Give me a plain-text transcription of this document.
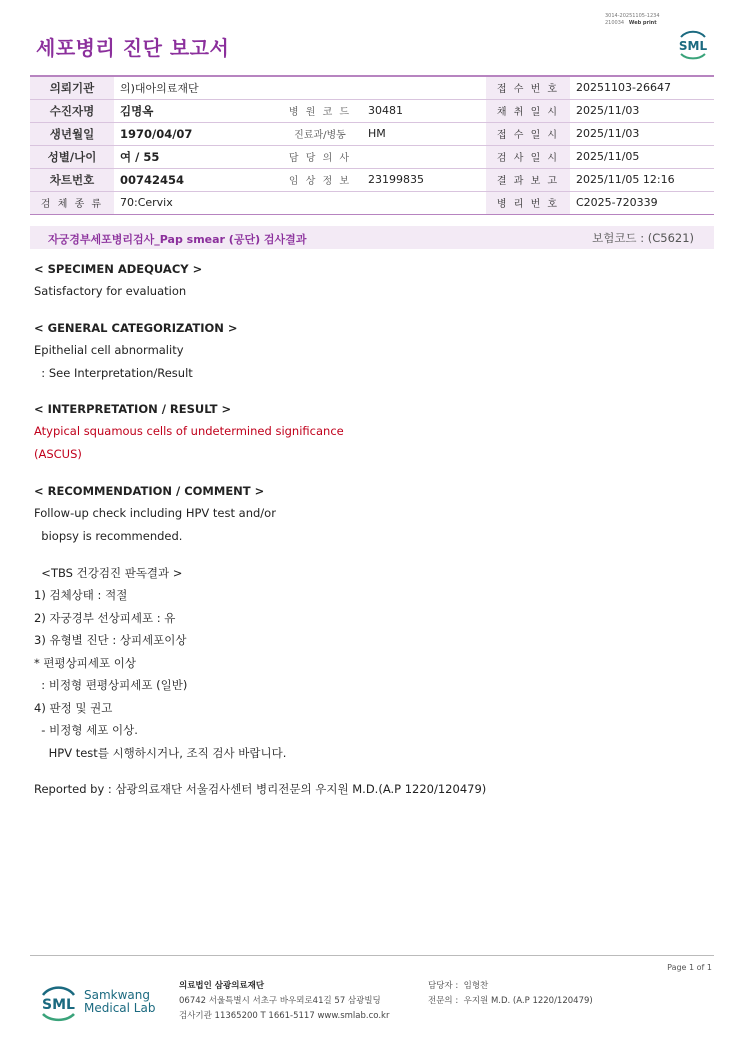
세포병리 진단 보고서
3014-20251105-1234
210034 Web print
SML
의뢰기관	의)대아의료재단			접 수 번 호	20251103-26647
수진자명	김명옥	병 원 코 드	30481	채 취 일 시	2025/11/03
생년월일	1970/04/07	진료과/병동	HM	접 수 일 시	2025/11/03
성별/나이	여 / 55	담 당 의 사		검 사 일 시	2025/11/05
차트번호	00742454	임 상 정 보	23199835	결 과 보 고	2025/11/05 12:16
검 체 종 류	70:Cervix			병 리 번 호	C2025-720339
자궁경부세포병리검사_Pap smear (공단) 검사결과	보험코드 : (C5621)
< SPECIMEN ADEQUACY >
Satisfactory for evaluation
< GENERAL CATEGORIZATION >
Epithelial cell abnormality
: See Interpretation/Result
< INTERPRETATION / RESULT >
Atypical squamous cells of undetermined significance
(ASCUS)
< RECOMMENDATION / COMMENT >
Follow-up check including HPV test and/or
biopsy is recommended.
<TBS 건강검진 판독결과 >
1) 검체상태 : 적절
2) 자궁경부 선상피세포 : 유
3) 유형별 진단 : 상피세포이상
* 편평상피세포 이상
: 비정형 편평상피세포 (일반)
4) 판정 및 권고
- 비정형 세포 이상.
HPV test를 시행하시거나, 조직 검사 바랍니다.
Reported by : 삼광의료재단 서울검사센터 병리전문의 우지원 M.D.(A.P 1220/120479)
Page 1 of 1
SML
Samkwang
Medical Lab
의료법인 삼광의료재단
06742 서울특별시 서초구 바우뫼로41길 57 삼광빌딩
검사기관 11365200 T 1661-5117 www.smlab.co.kr
담당자 : 임형찬
전문의 : 우지원 M.D. (A.P 1220/120479)
